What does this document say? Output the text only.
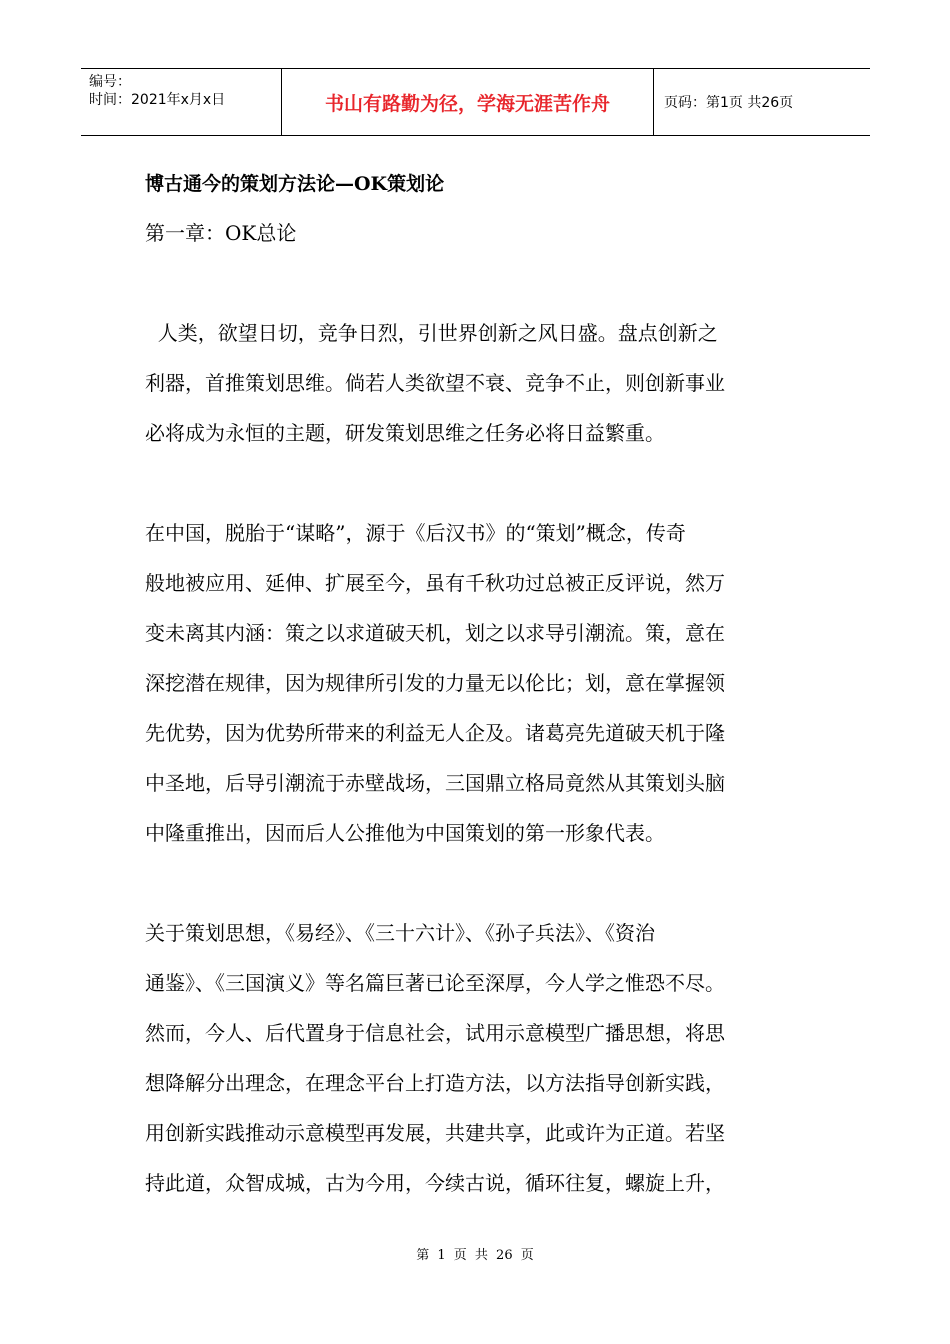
编号：
时间：2021年x月x日	书山有路勤为径，学海无涯苦作舟	页码：第1页 共26页
博古通今的策划方法论—OK策划论
第一章：OK总论
人类，欲望日切，竞争日烈，引世界创新之风日盛。盘点创新之
利器，首推策划思维。倘若人类欲望不衰、竞争不止，则创新事业
必将成为永恒的主题，研发策划思维之任务必将日益繁重。
在中国，脱胎于“谋略”，源于《后汉书》的“策划”概念，传奇
般地被应用、延伸、扩展至今，虽有千秋功过总被正反评说，然万
变未离其内涵：策之以求道破天机，划之以求导引潮流。策，意在
深挖潜在规律，因为规律所引发的力量无以伦比；划，意在掌握领
先优势，因为优势所带来的利益无人企及。诸葛亮先道破天机于隆
中圣地，后导引潮流于赤壁战场，三国鼎立格局竟然从其策划头脑
中隆重推出，因而后人公推他为中国策划的第一形象代表。
关于策划思想，《易经》、《三十六计》、《孙子兵法》、《资治
通鉴》、《三国演义》等名篇巨著已论至深厚，今人学之惟恐不尽。
然而，今人、后代置身于信息社会，试用示意模型广播思想，将思
想降解分出理念，在理念平台上打造方法，以方法指导创新实践，
用创新实践推动示意模型再发展，共建共享，此或许为正道。若坚
持此道，众智成城，古为今用，今续古说，循环往复，螺旋上升，
第 1 页 共 26 页
